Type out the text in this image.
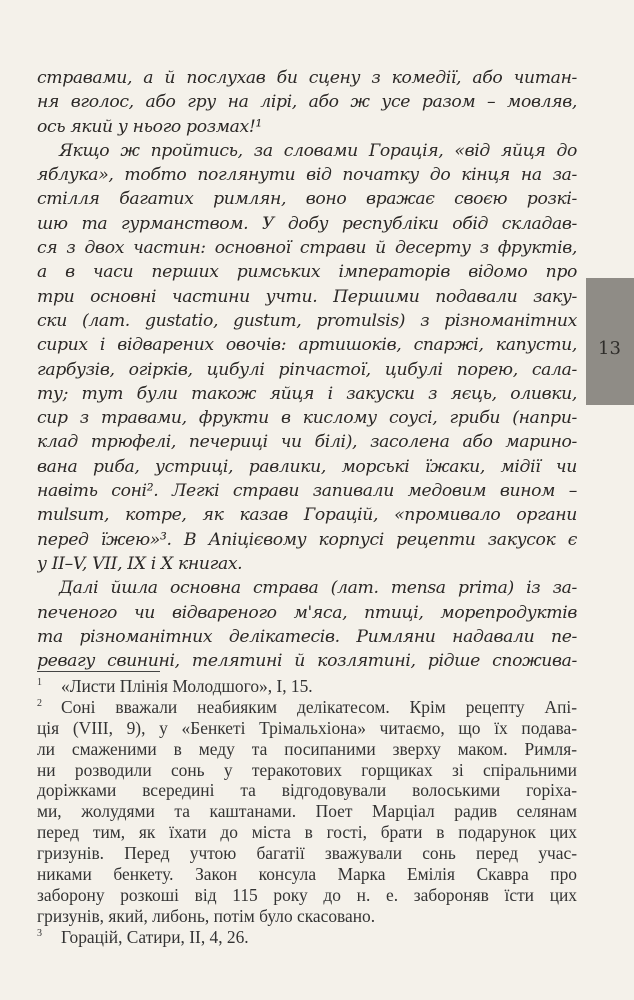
стравами, а й послухав би сцену з комедії, або читан-
ня вголос, або гру на лірі, або ж усе разом – мовляв,
ось який у нього розмах!¹
Якщо ж пройтись, за словами Горація, «від яйця до
яблука», тобто поглянути від початку до кінця на за-
стілля багатих римлян, воно вражає своєю розкі-
шю та гурманством. У добу республіки обід складав-
ся з двох частин: основної страви й десерту з фруктів,
а в часи перших римських імператорів відомо про
три основні частини учти. Першими подавали заку-
ски (лат. gustatio, gustum, promulsis) з різноманітних
сирих і відварених овочів: артишоків, спаржі, капусти,
гарбузів, огірків, цибулі ріпчастої, цибулі порею, сала-
ту; тут були також яйця і закуски з яєць, оливки,
сир з травами, фрукти в кислому соусі, гриби (напри-
клад трюфелі, печериці чи білі), засолена або марино-
вана риба, устриці, равлики, морські їжаки, мідії чи
навіть соні². Легкі страви запивали медовим вином –
mulsum, котре, як казав Горацій, «промивало органи
перед їжею»³. В Апіцієвому корпусі рецепти закусок є
у II–V, VII, IX і X книгах.
Далі йшла основна страва (лат. mensa prima) із за-
печеного чи відвареного м'яса, птиці, морепродуктів
та різноманітних делікатесів. Римляни надавали пе-
ревагу свинині, телятині й козлятині, рідше спожива-
1 «Листи Плінія Молодшого», I, 15.
2 Соні вважали неабияким делікатесом. Крім рецепту Апі-
ція (VIII, 9), у «Бенкеті Трімальхіона» читаємо, що їх подава-
ли смаженими в меду та посипаними зверху маком. Римля-
ни розводили сонь у теракотових горщиках зі спіральними
доріжками всередині та відгодовували волоськими горіха-
ми, жолудями та каштанами. Поет Марціал радив селянам
перед тим, як їхати до міста в гості, брати в подарунок цих
гризунів. Перед учтою багатії зважували сонь перед учас-
никами бенкету. Закон консула Марка Емілія Скавра про
заборону розкоші від 115 року до н. е. забороняв їсти цих
гризунів, який, либонь, потім було скасовано.
3 Горацій, Сатири, II, 4, 26.
13
